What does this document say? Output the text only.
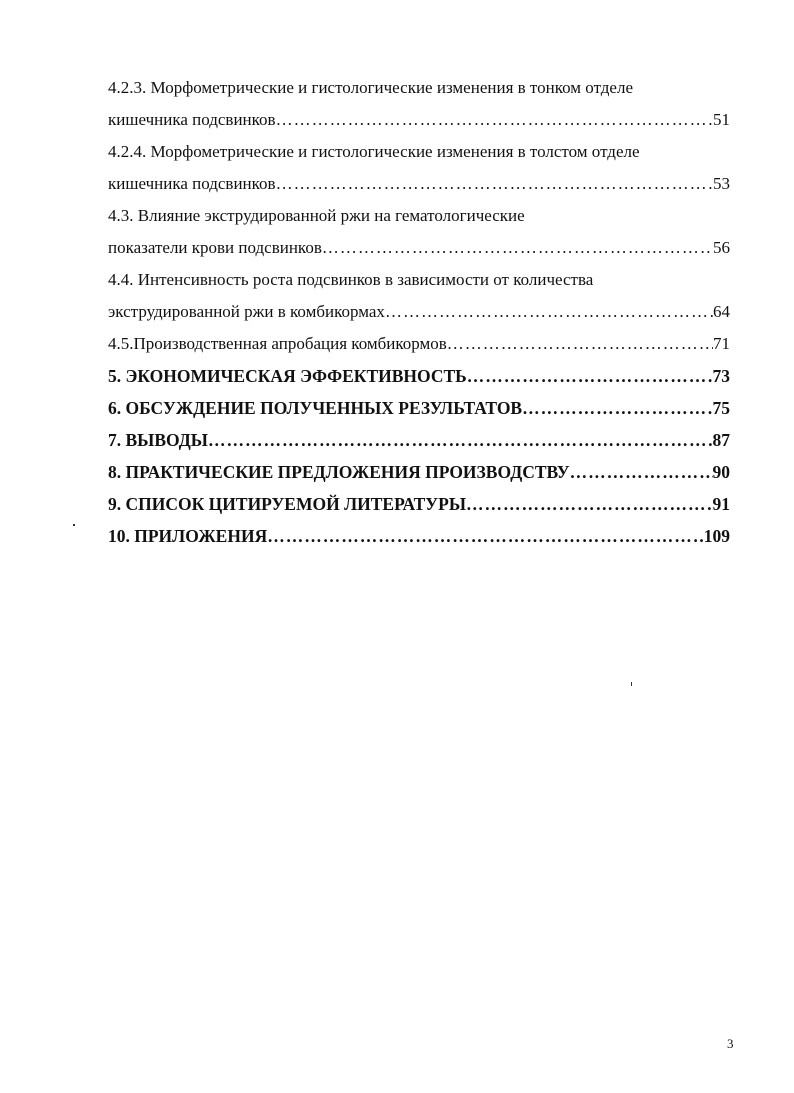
4.2.3. Морфометрические и гистологические изменения в тонком отделе
кишечника подсвинков ……………………………………………………………………………………………………………………………………	51
4.2.4. Морфометрические и гистологические изменения в толстом отделе
кишечника подсвинков ……………………………………………………………………………………………………………………………………	53
4.3. Влияние экструдированной ржи на гематологические
показатели крови подсвинков ……………………………………………………………………………………………………………………………………	56
4.4. Интенсивность роста подсвинков в зависимости от количества
экструдированной ржи в комбикормах ……………………………………………………………………………………………………………………………………	64
4.5.Производственная апробация комбикормов ……………………………………………………………………………………………………………………………………	71
5. ЭКОНОМИЧЕСКАЯ ЭФФЕКТИВНОСТЬ ……………………………………………………………………………………………………………………………………	73
6. ОБСУЖДЕНИЕ ПОЛУЧЕННЫХ РЕЗУЛЬТАТОВ ……………………………………………………………………………………………………………………………………	75
7. ВЫВОДЫ ……………………………………………………………………………………………………………………………………	87
8. ПРАКТИЧЕСКИЕ ПРЕДЛОЖЕНИЯ ПРОИЗВОДСТВУ ……………………………………………………………………………………………………………………………………	90
9. СПИСОК ЦИТИРУЕМОЙ ЛИТЕРАТУРЫ ……………………………………………………………………………………………………………………………………	91
10. ПРИЛОЖЕНИЯ ……………………………………………………………………………………………………………………………………	109
3
